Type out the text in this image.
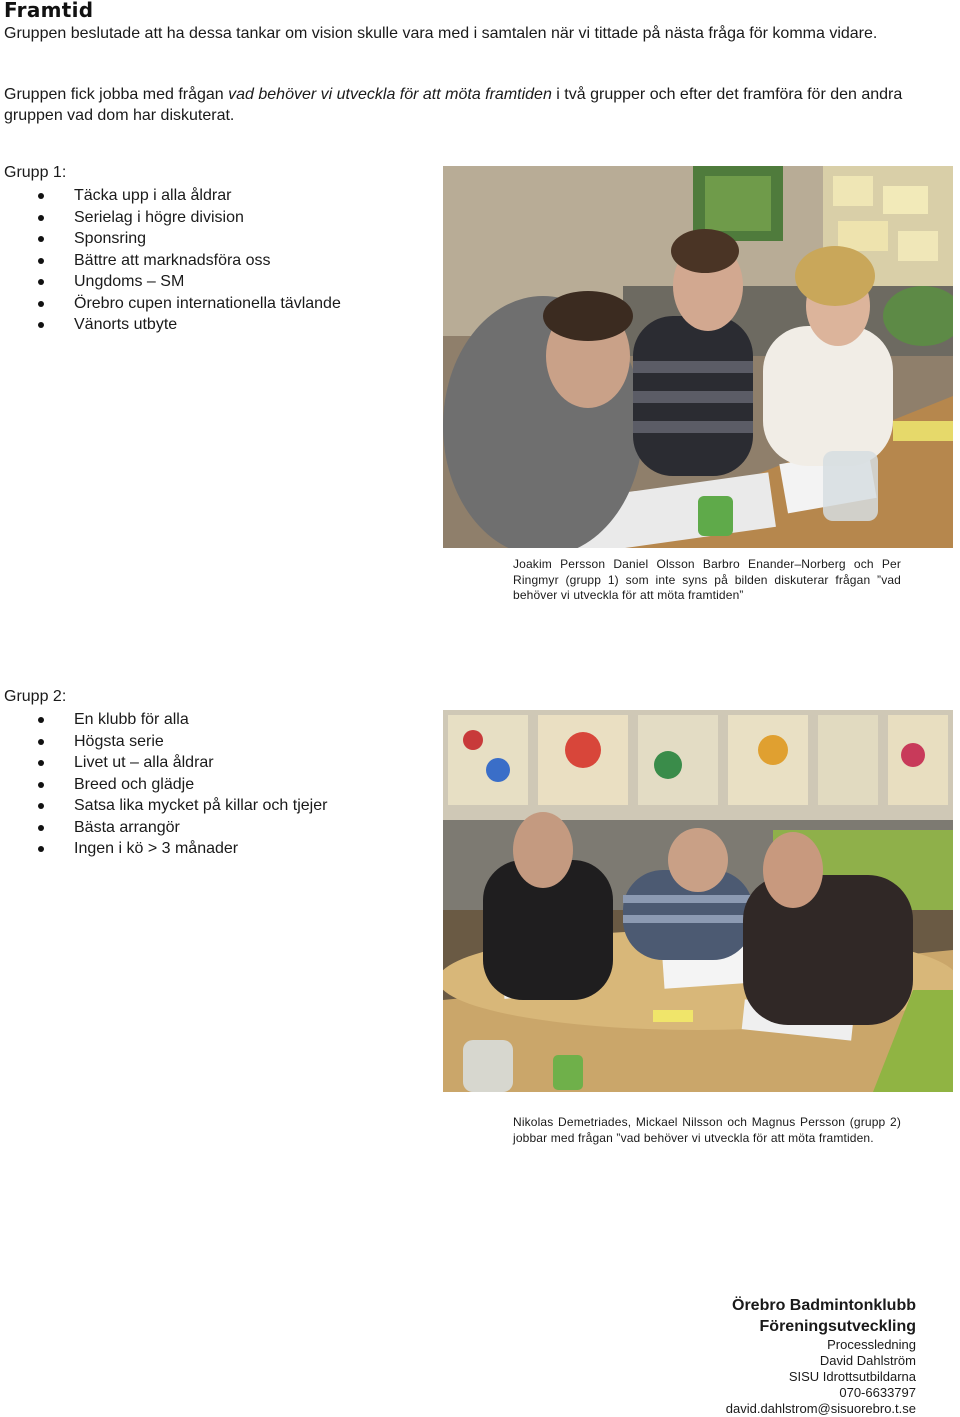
Framtid

Gruppen beslutade att ha dessa tankar om vision skulle vara med i samtalen när vi tittade på nästa fråga för komma vidare.

Gruppen fick jobba med frågan vad behöver vi utveckla för att möta framtiden i två grupper och efter det framföra för den andra gruppen vad dom har diskuterat.

Grupp 1:

Täcka upp i alla åldrar
Serielag i högre division
Sponsring
Bättre att marknadsföra oss
Ungdoms – SM
Örebro cupen internationella tävlande
Vänorts utbyte

Joakim Persson Daniel Olsson Barbro Enander–Norberg och Per Ringmyr (grupp 1) som inte syns på bilden diskuterar frågan ”vad behöver vi utveckla för att möta framtiden”

Grupp 2:

En klubb för alla
Högsta serie
Livet ut – alla åldrar
Breed och glädje
Satsa lika mycket på killar och tjejer
Bästa arrangör
Ingen i kö > 3 månader

Nikolas Demetriades, Mickael Nilsson och Magnus Persson (grupp 2) jobbar med frågan ”vad behöver vi utveckla för att möta framtiden.

Örebro Badmintonklubb
Föreningsutveckling
Processledning
David Dahlström
SISU Idrottsutbildarna
070-6633797
david.dahlstrom@sisuorebro.t.se
